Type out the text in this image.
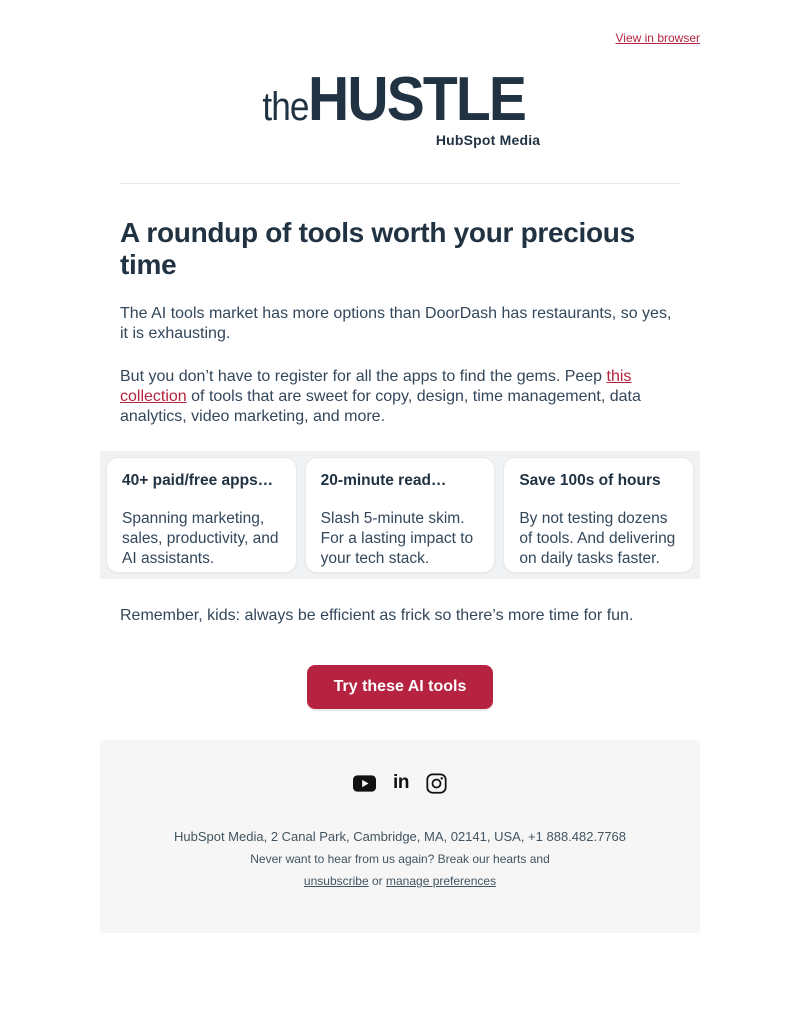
View in browser
the HUSTLE
HubSpot Media
A roundup of tools worth your precious time

The AI tools market has more options than DoorDash has restaurants, so yes, it is exhausting.

But you don’t have to register for all the apps to find the gems. Peep this collection of tools that are sweet for copy, design, time management, data analytics, video marketing, and more.

40+ paid/free apps…
Spanning marketing, sales, productivity, and AI assistants.
20-minute read…
Slash 5-minute skim. For a lasting impact to your tech stack.
Save 100s of hours
By not testing dozens of tools. And delivering on daily tasks faster.

Remember, kids: always be efficient as frick so there’s more time for fun.

Try these AI tools
in
HubSpot Media, 2 Canal Park, Cambridge, MA, 02141, USA, +1 888.482.7768
Never want to hear from us again? Break our hearts and
unsubscribe or manage preferences
